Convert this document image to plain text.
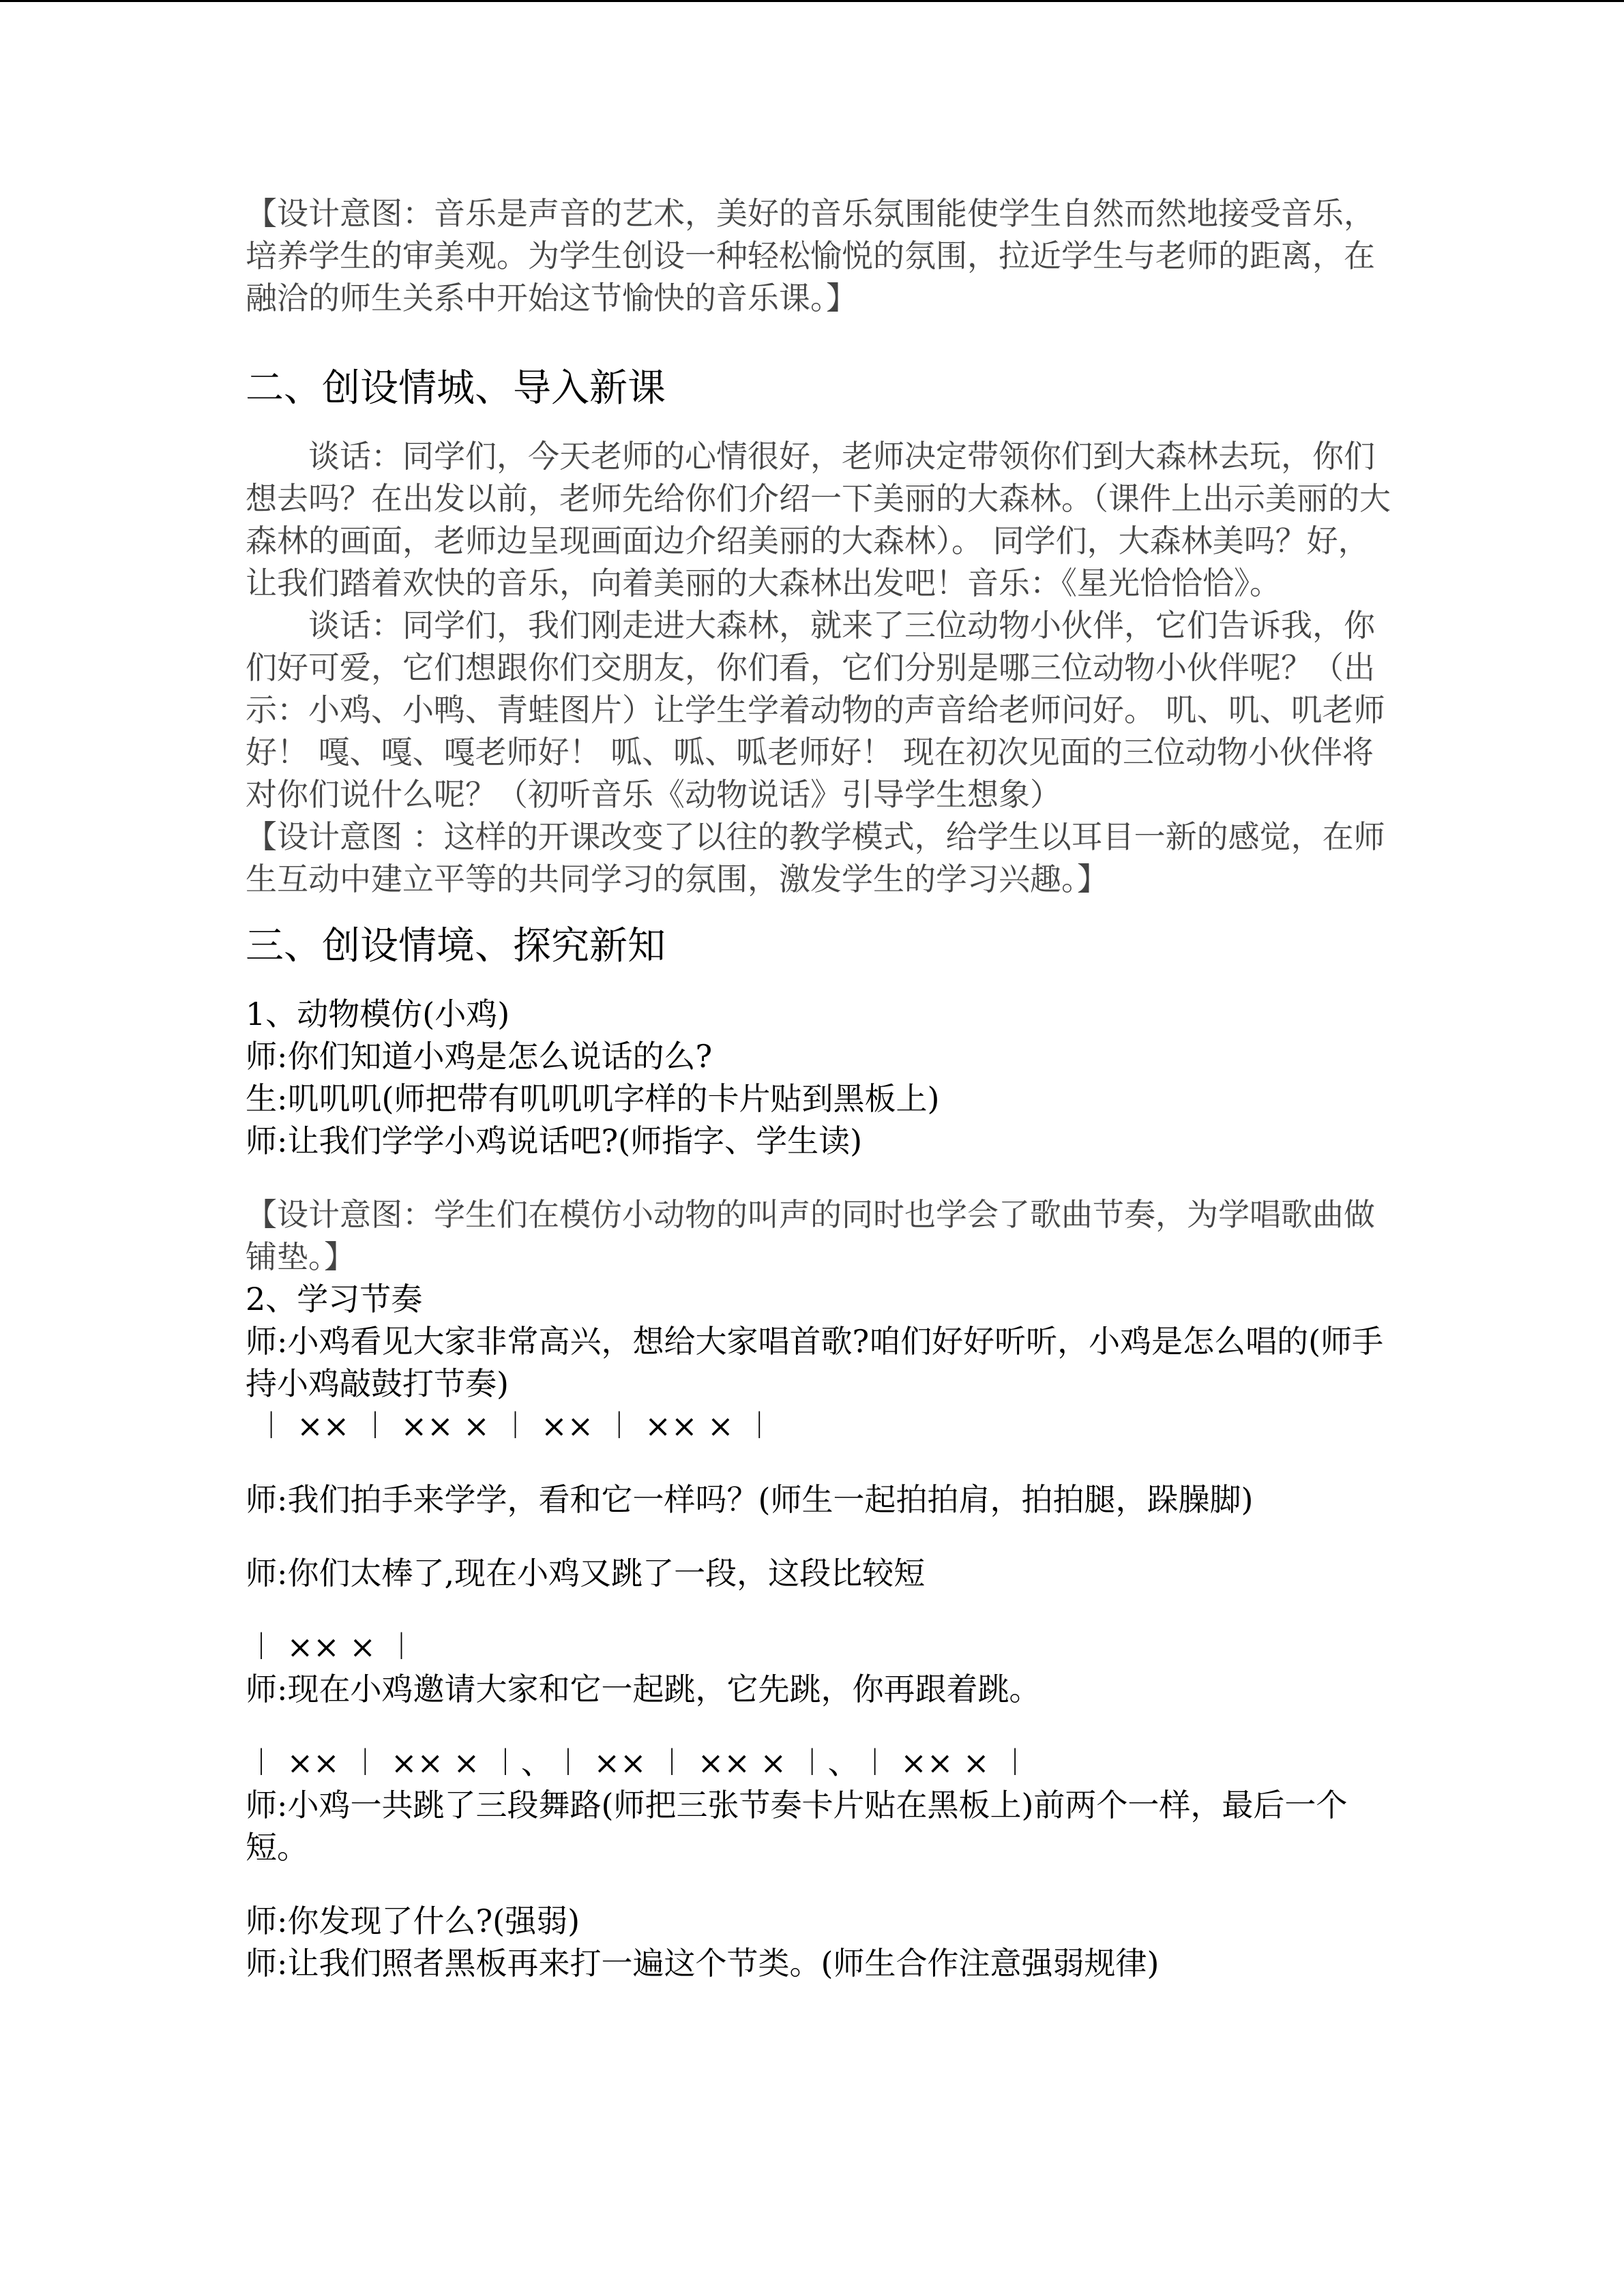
【设计意图：音乐是声音的艺术，美好的音乐氛围能使学生自然而然地接受音乐，培养学生的审美观。为学生创设一种轻松愉悦的氛围，拉近学生与老师的距离，在融洽的师生关系中开始这节愉快的音乐课。】

二、创设情城、导入新课

谈话：同学们，今天老师的心情很好，老师决定带领你们到大森林去玩，你们想去吗？在出发以前，老师先给你们介绍一下美丽的大森林。（课件上出示美丽的大森林的画面，老师边呈现画面边介绍美丽的大森林）。 同学们，大森林美吗？好，让我们踏着欢快的音乐，向着美丽的大森林出发吧！音乐：《星光恰恰恰》。

谈话：同学们，我们刚走进大森林，就来了三位动物小伙伴，它们告诉我，你们好可爱，它们想跟你们交朋友，你们看，它们分别是哪三位动物小伙伴呢？（出示：小鸡、小鸭、青蛙图片）让学生学着动物的声音给老师问好。 叽、叽、叽老师好！ 嘎、嘎、嘎老师好！ 呱、呱、呱老师好！ 现在初次见面的三位动物小伙伴将对你们说什么呢？（初听音乐《动物说话》引导学生想象）

【设计意图 ：这样的开课改变了以往的教学模式，给学生以耳目一新的感觉，在师生互动中建立平等的共同学习的氛围，激发学生的学习兴趣。】

三、创设情境、探究新知

1、动物模仿(小鸡)

师:你们知道小鸡是怎么说话的么?

生:叽叽叽(师把带有叽叽叽字样的卡片贴到黑板上)

师:让我们学学小鸡说话吧?(师指字、学生读)

【设计意图：学生们在模仿小动物的叫声的同时也学会了歌曲节奏，为学唱歌曲做铺垫。】

2、学习节奏

师:小鸡看见大家非常高兴，想给大家唱首歌?咱们好好听听，小鸡是怎么唱的(师手持小鸡敲鼓打节奏)

︱ ×× ︱ ×× × ︱ ×× ︱ ×× × ︱

师:我们拍手来学学，看和它一样吗？(师生一起拍拍肩，拍拍腿，跺臊脚)

师:你们太棒了,现在小鸡又跳了一段，这段比较短

︱ ×× × ︱

师:现在小鸡邀请大家和它一起跳，它先跳，你再跟着跳。

︱ ×× ︱ ×× × ︱、︱ ×× ︱ ×× × ︱、︱ ×× × ︱

师:小鸡一共跳了三段舞路(师把三张节奏卡片贴在黑板上)前两个一样，最后一个短。

师:你发现了什么?(强弱)

师:让我们照者黑板再来打一遍这个节类。(师生合作注意强弱规律)
